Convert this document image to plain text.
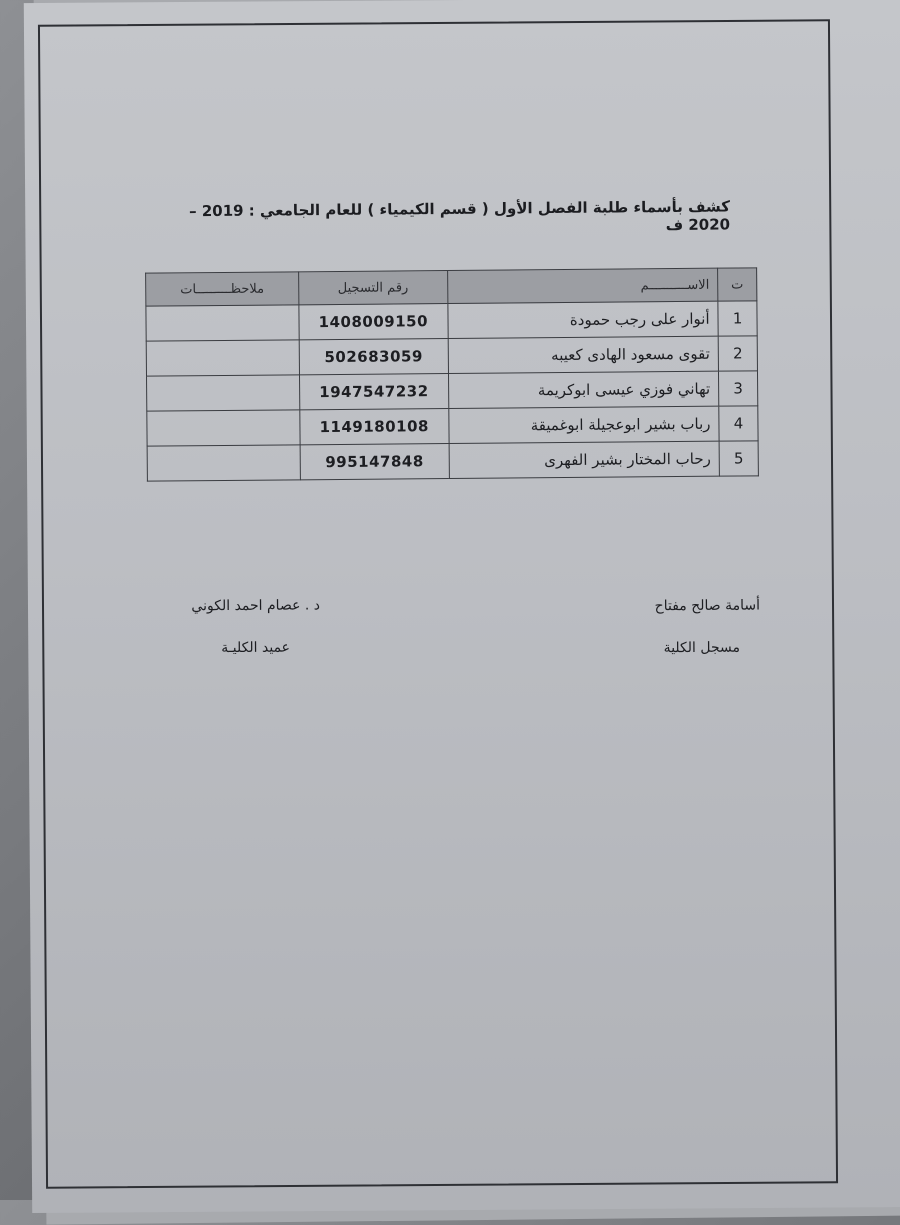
كشف بأسماء طلبة الفصل الأول ( قسم الكيمياء ) للعام الجامعي : 2019 – 2020 ف
ت	الاســــــــــم	رقم التسجيل	ملاحظـــــــــات
1	أنوار على رجب حمودة	1408009150	
2	تقوى مسعود الهادى كعيبه	502683059	
3	تهاني فوزي عيسى ابوكريمة	1947547232	
4	رباب بشير ابوعجيلة ابوغميقة	1149180108	
5	رحاب المختار بشير الفهرى	995147848	
د . عصام احمد الكوني
عميد الكليـة
أسامة صالح مفتاح
مسجل الكلية
